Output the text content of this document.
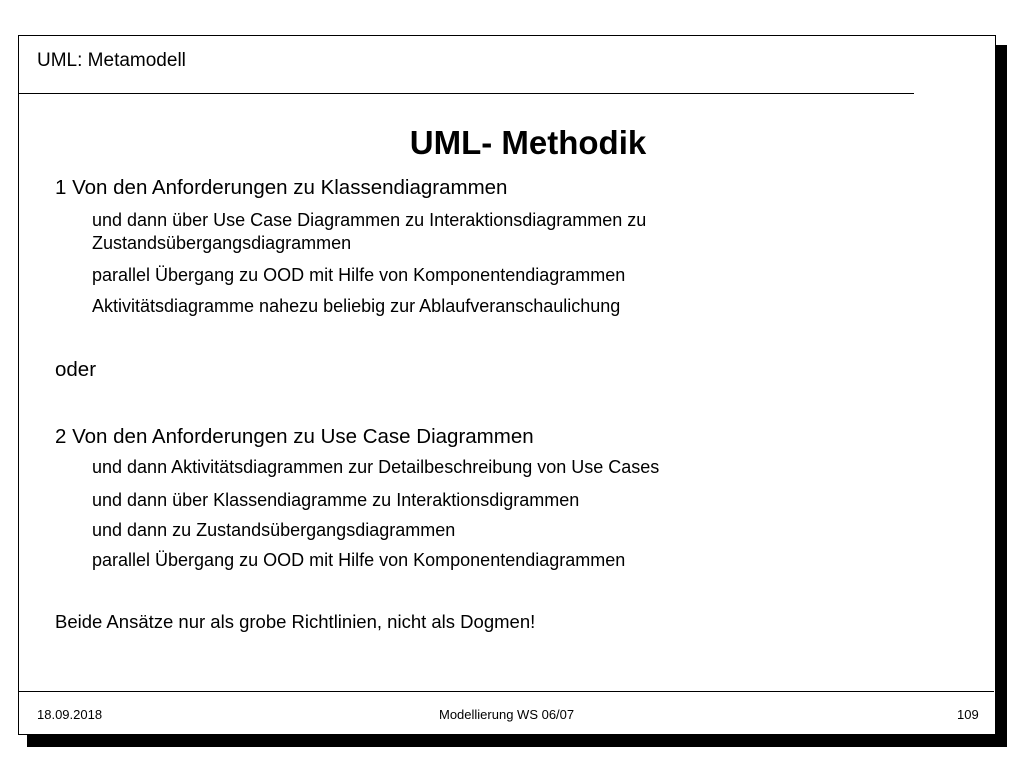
UML: Metamodell
UML- Methodik
1 Von den Anforderungen zu Klassendiagrammen
und dann über Use Case Diagrammen zu Interaktionsdiagrammen zu
Zustandsübergangsdiagrammen
parallel Übergang zu OOD mit Hilfe von Komponentendiagrammen
Aktivitätsdiagramme nahezu beliebig zur Ablaufveranschaulichung
oder
2 Von den Anforderungen zu Use Case Diagrammen
und dann Aktivitätsdiagrammen zur Detailbeschreibung von Use Cases
und dann über Klassendiagramme zu Interaktionsdigrammen
und dann zu Zustandsübergangsdiagrammen
parallel Übergang zu OOD mit Hilfe von Komponentendiagrammen
Beide Ansätze nur als grobe Richtlinien, nicht als Dogmen!
18.09.2018	Modellierung WS 06/07	109
